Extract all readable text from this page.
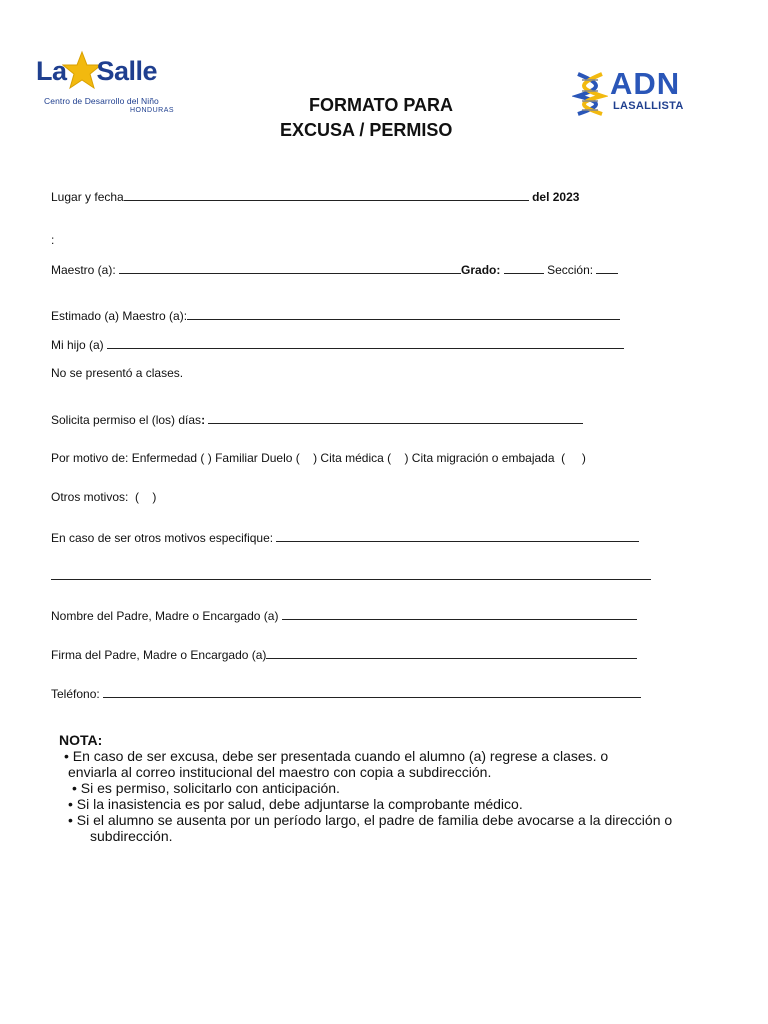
La Salle
Centro de Desarrollo del Niño
HONDURAS
ADN
LASALLISTA
FORMATO PARA
EXCUSA / PERMISO
Lugar y fecha	del 2023
:
Maestro (a):	Grado:	Sección:
Estimado (a) Maestro (a):
Mi hijo (a)
No se presentó a clases.
Solicita permiso el (los) días:
Por motivo de: Enfermedad ( ) Familiar Duelo (    ) Cita médica (    ) Cita migración o embajada  (     )
Otros motivos:  (    )
En caso de ser otros motivos especifique:
Nombre del Padre, Madre o Encargado (a)
Firma del Padre, Madre o Encargado (a)
Teléfono:
NOTA:
• En caso de ser excusa, debe ser presentada cuando el alumno (a) regrese a clases. o
enviarla al correo institucional del maestro con copia a subdirección.
• Si es permiso, solicitarlo con anticipación.
• Si la inasistencia es por salud, debe adjuntarse la comprobante médico.
• Si el alumno se ausenta por un período largo, el padre de familia debe avocarse a la dirección o
subdirección.
